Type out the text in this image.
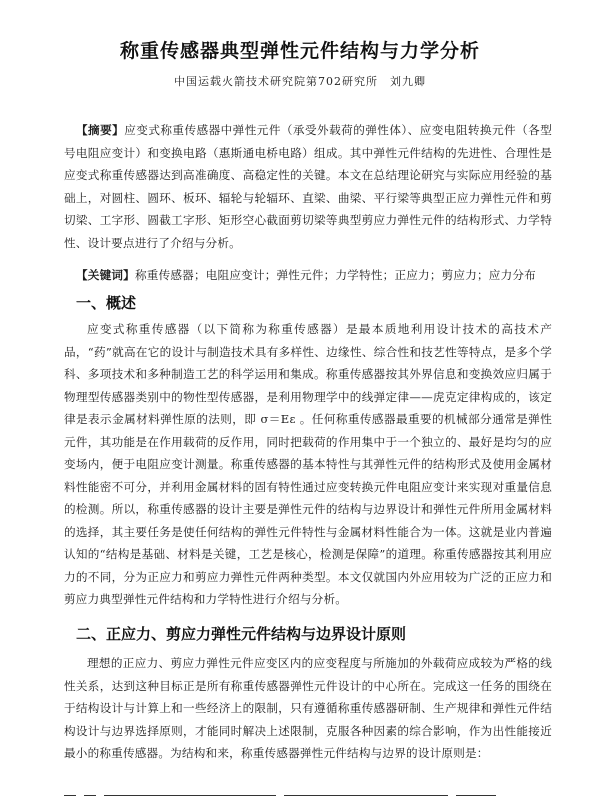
称重传感器典型弹性元件结构与力学分析
中国运载火箭技术研究院第702研究所　刘九卿
【摘要】应变式称重传感器中弹性元件（承受外载荷的弹性体）、应变电阻转换元件（各型号电阻应变计）和变换电路（惠斯通电桥电路）组成。其中弹性元件结构的先进性、合理性是应变式称重传感器达到高准确度、高稳定性的关键。本文在总结理论研究与实际应用经验的基础上，对圆柱、圆环、板环、辐轮与轮辐环、直梁、曲梁、平行梁等典型正应力弹性元件和剪切梁、工字形、圆截工字形、矩形空心截面剪切梁等典型剪应力弹性元件的结构形式、力学特性、设计要点进行了介绍与分析。
【关键词】称重传感器；电阻应变计；弹性元件；力学特性；正应力；剪应力；应力分布
一、概述
应变式称重传感器（以下简称为称重传感器）是最本质地利用设计技术的高技术产品，“药”就高在它的设计与制造技术具有多样性、边缘性、综合性和技艺性等特点，是多个学科、多项技术和多种制造工艺的科学运用和集成。称重传感器按其外界信息和变换效应归属于物理型传感器类别中的物性型传感器，是利用物理学中的线弹定律——虎克定律构成的，该定律是表示金属材料弹性原的法则，即 σ＝Eε 。任何称重传感器最重要的机械部分通常是弹性元件，其功能是在作用载荷的反作用，同时把载荷的作用集中于一个独立的、最好是均匀的应变场内，便于电阻应变计测量。称重传感器的基本特性与其弹性元件的结构形式及使用金属材料性能密不可分，并利用金属材料的固有特性通过应变转换元件电阻应变计来实现对重量信息的检测。所以，称重传感器的设计主要是弹性元件的结构与边界设计和弹性元件所用金属材料的选择，其主要任务是使任何结构的弹性元件特性与金属材料性能合为一体。这就是业内普遍认知的“结构是基础、材料是关键，工艺是核心，检测是保障”的道理。称重传感器按其利用应力的不同，分为正应力和剪应力弹性元件两种类型。本文仅就国内外应用较为广泛的正应力和剪应力典型弹性元件结构和力学特性进行介绍与分析。
二、正应力、剪应力弹性元件结构与边界设计原则
理想的正应力、剪应力弹性元件应变区内的应变程度与所施加的外载荷应成较为严格的线性关系，达到这种目标正是所有称重传感器弹性元件设计的中心所在。完成这一任务的围绕在于结构设计与计算上和一些经济上的限制，只有遵循称重传感器研制、生产规律和弹性元件结构设计与边界选择原则，才能同时解决上述限制，克服各种因素的综合影响，作为出性能接近最小的称重传感器。为结构和来，称重传感器弹性元件结构与边界的设计原则是：
